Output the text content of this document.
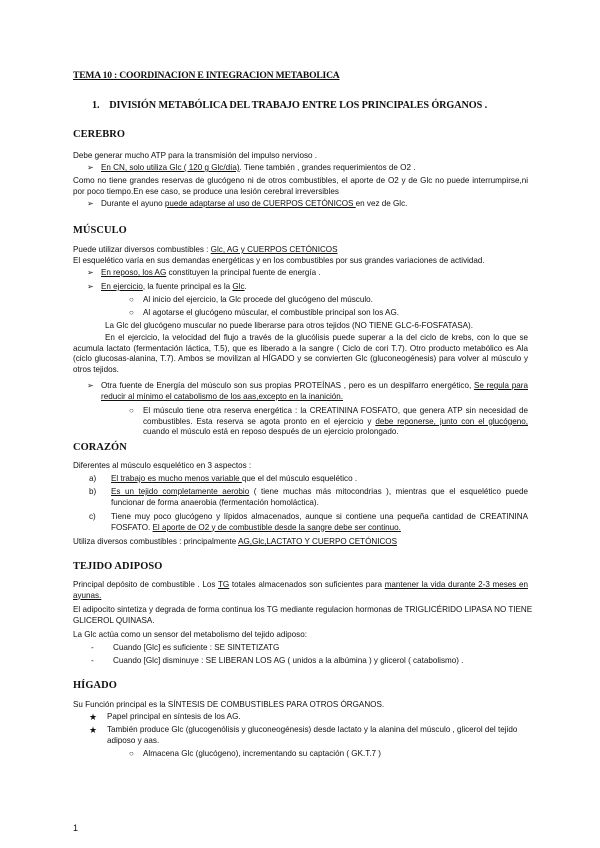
TEMA 10 : COORDINACION E INTEGRACION METABOLICA
1. DIVISIÓN METABÓLICA DEL TRABAJO ENTRE LOS PRINCIPALES ÓRGANOS .
CEREBRO
Debe generar mucho ATP para la transmisión del impulso nervioso .
➢ En CN, solo utiliza Glc ( 120 g Glc/día). Tiene también , grandes requerimientos de O2 .
Como no tiene grandes reservas de glucógeno ni de otros combustibles, el aporte de O2 y de Glc no puede interrumpirse,ni por poco tiempo.En ese caso, se produce una lesión cerebral irreversibles
➢ Durante el ayuno puede adaptarse al uso de CUERPOS CETÓNICOS en vez de Glc.
MÚSCULO
Puede utilizar diversos combustibles : Glc, AG y CUERPOS CETÓNICOS
El esquelético varía en sus demandas energéticas y en los combustibles por sus grandes variaciones de actividad.
➢ En reposo, los AG constituyen la principal fuente de energía .
➢ En ejercicio, la fuente principal es la Glc.
○	Al inicio del ejercicio, la Glc procede del glucógeno del músculo.
○	Al agotarse el glucógeno múscular, el combustible principal son los AG.
La Glc del glucógeno muscular no puede liberarse para otros tejidos (NO TIENE GLC-6-FOSFATASA).
En el ejercicio, la velocidad del flujo a través de la glucólisis puede superar a la del ciclo de krebs, con lo que se acumula lactato (fermentación láctica, T.5), que es liberado a la sangre ( Ciclo de cori T.7). Otro producto metabólico es Ala (ciclo glucosas-alanina, T.7). Ambos se movilizan al HÍGADO y se convierten Glc (gluconeogénesis) para volver al músculo y otros tejidos.
➢ Otra fuente de Energía del músculo son sus propias PROTEÍNAS , pero es un despilfarro energético, Se regula para reducir al mínimo el catabolismo de los aas,excepto en la inanición.
○	El músculo tiene otra reserva energética : la CREATININA FOSFATO, que genera ATP sin necesidad de combustibles. Esta reserva se agota pronto en el ejercicio y debe reponerse, junto con el glucógeno, cuando el músculo está en reposo después de un ejercicio prolongado.
CORAZÓN
Diferentes al músculo esquelético en 3 aspectos :
a)	El trabajo es mucho menos variable que el del músculo esquelético .
b)	Es un tejido completamente aerobio ( tiene muchas más mitocondrias ), mientras que el esquelético puede funcionar de forma anaerobia (fermentación homoláctica).
c)	Tiene muy poco glucógeno y lípidos almacenados, aunque si contiene una pequeña cantidad de CREATININA FOSFATO. El aporte de O2 y de combustible desde la sangre debe ser continuo.
Utiliza diversos combustibles : principalmente AG,Glc,LACTATO Y CUERPO CETÓNICOS
TEJIDO ADIPOSO
Principal depósito de combustible . Los TG totales almacenados son suficientes para mantener la vida durante 2-3 meses en ayunas.
El adipocito sintetiza y degrada de forma continua los TG mediante regulacion hormonas de TRIGLICÉRIDO LIPASA NO TIENE GLICEROL QUINASA.
La Glc actúa como un sensor del metabolismo del tejido adiposo:
-	Cuando [Glc] es suficiente : SE SINTETIZATG
-	Cuando [Glc] disminuye : SE LIBERAN LOS AG ( unidos a la albúmina ) y glicerol ( catabolismo) .
HÍGADO
Su Función principal es la SÍNTESIS DE COMBUSTIBLES PARA OTROS ÓRGANOS.
★	Papel principal en síntesis de los AG.
★	También produce Glc (glucogenólisis y gluconeogénesis) desde lactato y la alanina del músculo , glicerol del tejido adiposo y aas.
○	Almacena Glc (glucógeno), incrementando su captación ( GK.T.7 )
1
